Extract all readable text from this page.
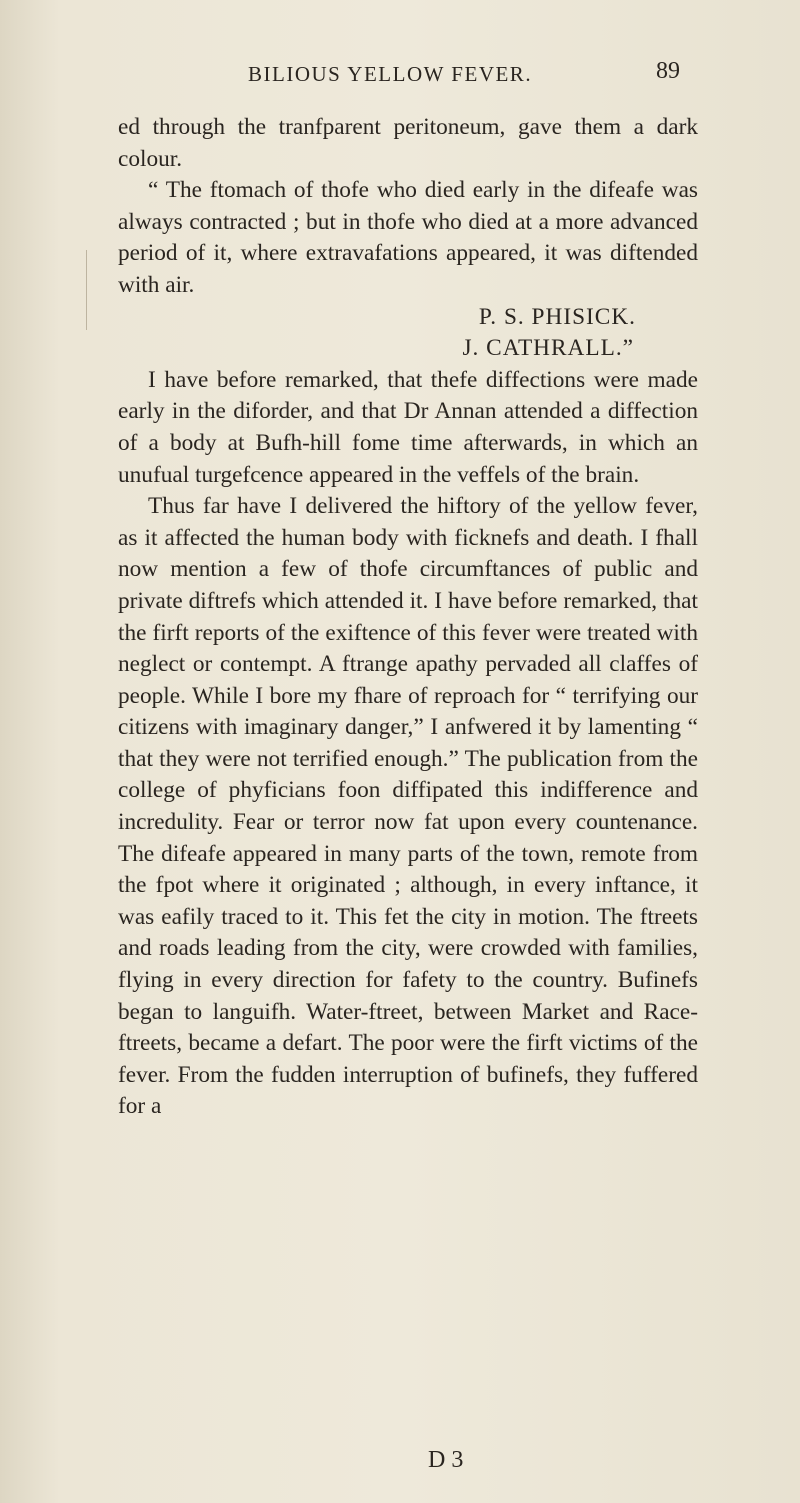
BILIOUS YELLOW FEVER.	89

ed through the tranfparent peritoneum, gave them a dark colour.

“ The ftomach of thofe who died early in the difeafe was always contracted ; but in thofe who died at a more advanced period of it, where extravafations appeared, it was diftended with air.

P. S. PHISICK.

J. CATHRALL.”

I have before remarked, that thefe diffections were made early in the diforder, and that Dr Annan attended a diffection of a body at Bufh-hill fome time afterwards, in which an unufual turgefcence appeared in the veffels of the brain.

Thus far have I delivered the hiftory of the yellow fever, as it affected the human body with ficknefs and death. I fhall now mention a few of thofe circumftances of public and private diftrefs which attended it. I have before remarked, that the firft reports of the exiftence of this fever were treated with neglect or contempt. A ftrange apathy pervaded all claffes of people. While I bore my fhare of reproach for “ terrifying our citizens with imaginary danger,” I anfwered it by lamenting “ that they were not terrified enough.” The publication from the college of phyficians foon diffipated this indifference and incredulity. Fear or terror now fat upon every countenance. The difeafe appeared in many parts of the town, remote from the fpot where it originated ; although, in every inftance, it was eafily traced to it. This fet the city in motion. The ftreets and roads leading from the city, were crowded with families, flying in every direction for fafety to the country. Bufinefs began to languifh. Water-ftreet, between Market and Race-ftreets, became a defart. The poor were the firft victims of the fever. From the fudden interruption of bufinefs, they fuffered for a

D 3
